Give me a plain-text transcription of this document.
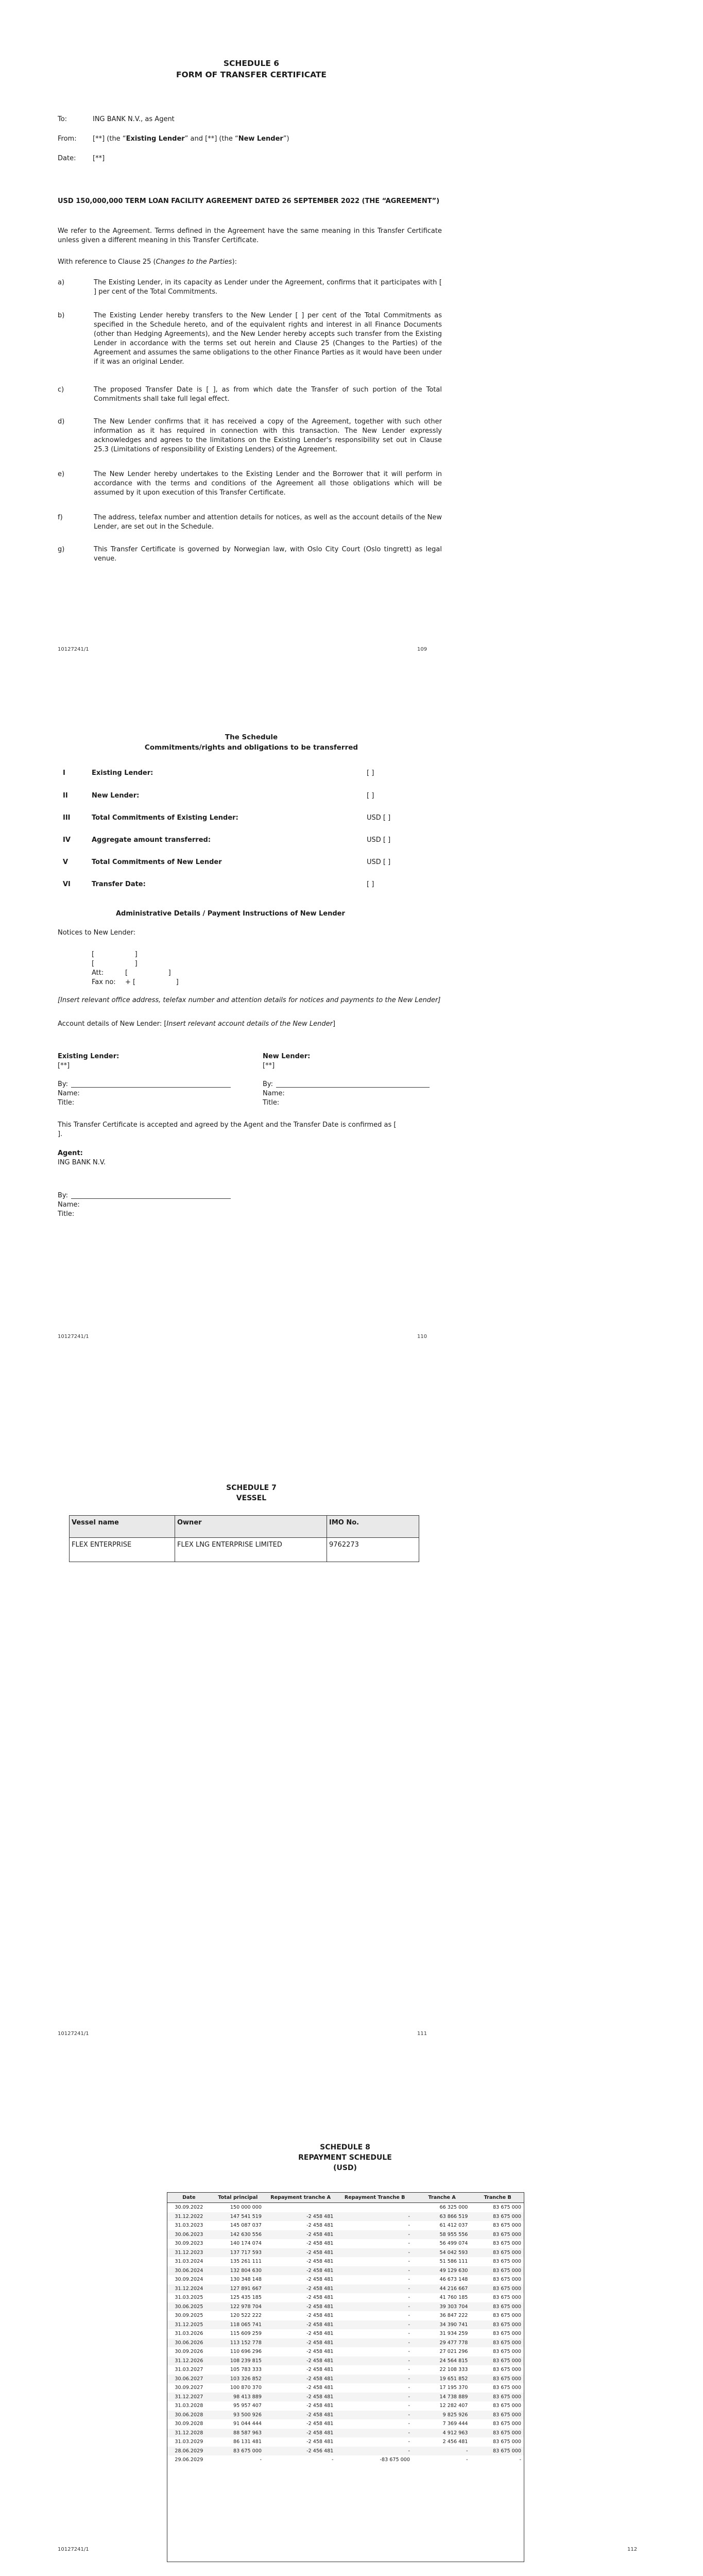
SCHEDULE 6
FORM OF TRANSFER CERTIFICATE
To:	ING BANK N.V., as Agent
From: [**] (the “Existing Lender” and [**] (the “New Lender”)
Date:	[**]
USD 150,000,000 TERM LOAN FACILITY AGREEMENT DATED 26 SEPTEMBER 2022 (THE “AGREEMENT”)
We refer to the Agreement. Terms defined in the Agreement have the same meaning in this Transfer Certificate unless given a different meaning in this Transfer Certificate.
With reference to Clause 25 (Changes to the Parties):
a)	The Existing Lender, in its capacity as Lender under the Agreement, confirms that it participates with [ ] per cent of the Total Commitments.
b)	The Existing Lender hereby transfers to the New Lender [ ] per cent of the Total Commitments as specified in the Schedule hereto, and of the equivalent rights and interest in all Finance Documents (other than Hedging Agreements), and the New Lender hereby accepts such transfer from the Existing Lender in accordance with the terms set out herein and Clause 25 (Changes to the Parties) of the Agreement and assumes the same obligations to the other Finance Parties as it would have been under if it was an original Lender.
c)	The proposed Transfer Date is [ ], as from which date the Transfer of such portion of the Total Commitments shall take full legal effect.
d)	The New Lender confirms that it has received a copy of the Agreement, together with such other information as it has required in connection with this transaction. The New Lender expressly acknowledges and agrees to the limitations on the Existing Lender's responsibility set out in Clause 25.3 (Limitations of responsibility of Existing Lenders) of the Agreement.
e)	The New Lender hereby undertakes to the Existing Lender and the Borrower that it will perform in accordance with the terms and conditions of the Agreement all those obligations which will be assumed by it upon execution of this Transfer Certificate.
f)	The address, telefax number and attention details for notices, as well as the account details of the New Lender, are set out in the Schedule.
g)	This Transfer Certificate is governed by Norwegian law, with Oslo City Court (Oslo tingrett) as legal venue.
10127241/1	109
The Schedule
Commitments/rights and obligations to be transferred
I	Existing Lender:	[ ]
II	New Lender:	[ ]
III	Total Commitments of Existing Lender:	USD [ ]
IV	Aggregate amount transferred:	USD [ ]
V	Total Commitments of New Lender	USD [ ]
VI	Transfer Date:	[ ]
Administrative Details / Payment Instructions of New Lender
Notices to New Lender:
[                   ]
[                   ]
Att:	[                   ]
Fax no: + [                   ]
[Insert relevant office address, telefax number and attention details for notices and payments to the New Lender]
Account details of New Lender: [Insert relevant account details of the New Lender]
Existing Lender:
[**]
New Lender:
[**]
By:
Name:
Title:
By:
Name:
Title:
This Transfer Certificate is accepted and agreed by the Agent and the Transfer Date is confirmed as [                       ].
Agent:
ING BANK N.V.
By:
Name:
Title:
10127241/1	110
SCHEDULE 7
VESSEL
Vessel name	Owner	IMO No.
FLEX ENTERPRISE	FLEX LNG ENTERPRISE LIMITED	9762273
10127241/1	111
SCHEDULE 8
REPAYMENT SCHEDULE
(USD)
Date	Total principal	Repayment tranche A	Repayment Tranche B	Tranche A	Tranche B
30.09.2022	150 000 000			66 325 000	83 675 000
31.12.2022	147 541 519	-2 458 481	-	63 866 519	83 675 000
31.03.2023	145 087 037	-2 458 481	-	61 412 037	83 675 000
30.06.2023	142 630 556	-2 458 481	-	58 955 556	83 675 000
30.09.2023	140 174 074	-2 458 481	-	56 499 074	83 675 000
31.12.2023	137 717 593	-2 458 481	-	54 042 593	83 675 000
31.03.2024	135 261 111	-2 458 481	-	51 586 111	83 675 000
30.06.2024	132 804 630	-2 458 481	-	49 129 630	83 675 000
30.09.2024	130 348 148	-2 458 481	-	46 673 148	83 675 000
31.12.2024	127 891 667	-2 458 481	-	44 216 667	83 675 000
31.03.2025	125 435 185	-2 458 481	-	41 760 185	83 675 000
30.06.2025	122 978 704	-2 458 481	-	39 303 704	83 675 000
30.09.2025	120 522 222	-2 458 481	-	36 847 222	83 675 000
31.12.2025	118 065 741	-2 458 481	-	34 390 741	83 675 000
31.03.2026	115 609 259	-2 458 481	-	31 934 259	83 675 000
30.06.2026	113 152 778	-2 458 481	-	29 477 778	83 675 000
30.09.2026	110 696 296	-2 458 481	-	27 021 296	83 675 000
31.12.2026	108 239 815	-2 458 481	-	24 564 815	83 675 000
31.03.2027	105 783 333	-2 458 481	-	22 108 333	83 675 000
30.06.2027	103 326 852	-2 458 481	-	19 651 852	83 675 000
30.09.2027	100 870 370	-2 458 481	-	17 195 370	83 675 000
31.12.2027	98 413 889	-2 458 481	-	14 738 889	83 675 000
31.03.2028	95 957 407	-2 458 481	-	12 282 407	83 675 000
30.06.2028	93 500 926	-2 458 481	-	9 825 926	83 675 000
30.09.2028	91 044 444	-2 458 481	-	7 369 444	83 675 000
31.12.2028	88 587 963	-2 458 481	-	4 912 963	83 675 000
31.03.2029	86 131 481	-2 458 481	-	2 456 481	83 675 000
28.06.2029	83 675 000	-2 456 481	-	-	83 675 000
29.06.2029	-	-	-83 675 000	-	-
10127241/1	112
